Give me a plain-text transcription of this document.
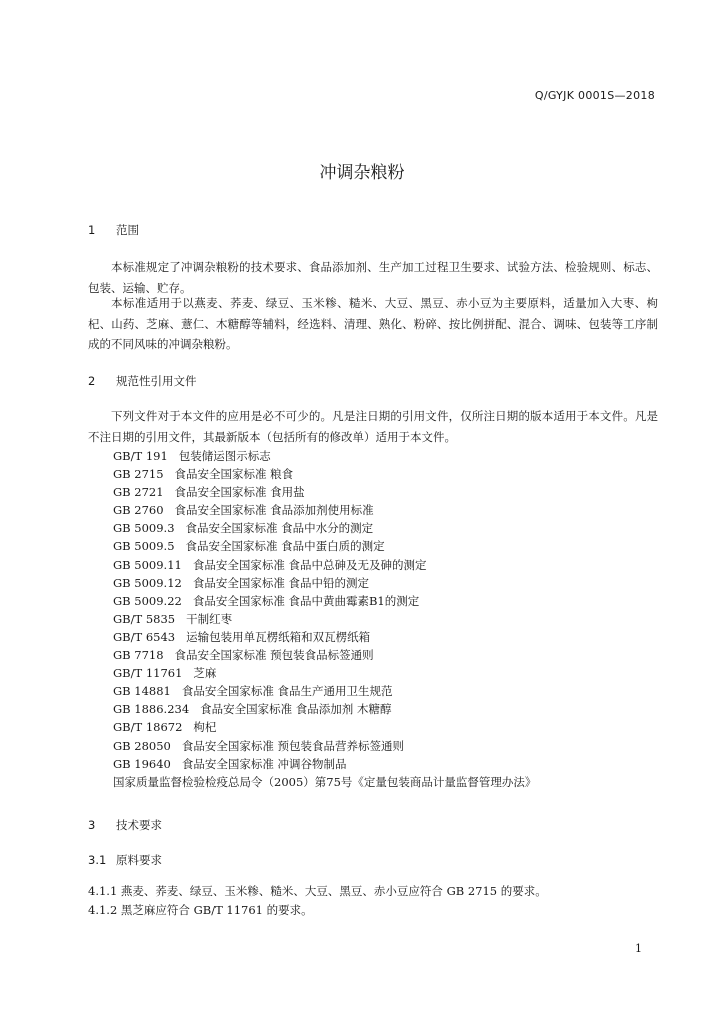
Q/GYJK 0001S—2018
冲调杂粮粉
1 范围
本标准规定了冲调杂粮粉的技术要求、食品添加剂、生产加工过程卫生要求、试验方法、检验规则、标志、包装、运输、贮存。
本标准适用于以燕麦、荞麦、绿豆、玉米糁、糙米、大豆、黑豆、赤小豆为主要原料，适量加入大枣、枸杞、山药、芝麻、薏仁、木糖醇等辅料，经选料、清理、熟化、粉碎、按比例拼配、混合、调味、包装等工序制成的不同风味的冲调杂粮粉。
2 规范性引用文件
下列文件对于本文件的应用是必不可少的。凡是注日期的引用文件，仅所注日期的版本适用于本文件。凡是不注日期的引用文件，其最新版本（包括所有的修改单）适用于本文件。
GB/T 191   包装储运图示标志
GB 2715   食品安全国家标准 粮食
GB 2721   食品安全国家标准 食用盐
GB 2760   食品安全国家标准 食品添加剂使用标准
GB 5009.3   食品安全国家标准 食品中水分的测定
GB 5009.5   食品安全国家标准 食品中蛋白质的测定
GB 5009.11   食品安全国家标准 食品中总砷及无及砷的测定
GB 5009.12   食品安全国家标准 食品中铅的测定
GB 5009.22   食品安全国家标准 食品中黄曲霉素B1的测定
GB/T 5835   干制红枣
GB/T 6543   运输包装用单瓦楞纸箱和双瓦楞纸箱
GB 7718   食品安全国家标准 预包装食品标签通则
GB/T 11761   芝麻
GB 14881   食品安全国家标准 食品生产通用卫生规范
GB 1886.234   食品安全国家标准 食品添加剂 木糖醇
GB/T 18672   枸杞
GB 28050   食品安全国家标准 预包装食品营养标签通则
GB 19640   食品安全国家标准 冲调谷物制品
国家质量监督检验检疫总局令（2005）第75号《定量包装商品计量监督管理办法》
3 技术要求
3.1 原料要求
4.1.1 燕麦、荞麦、绿豆、玉米糁、糙米、大豆、黑豆、赤小豆应符合 GB 2715 的要求。
4.1.2 黑芝麻应符合 GB/T 11761 的要求。
1
